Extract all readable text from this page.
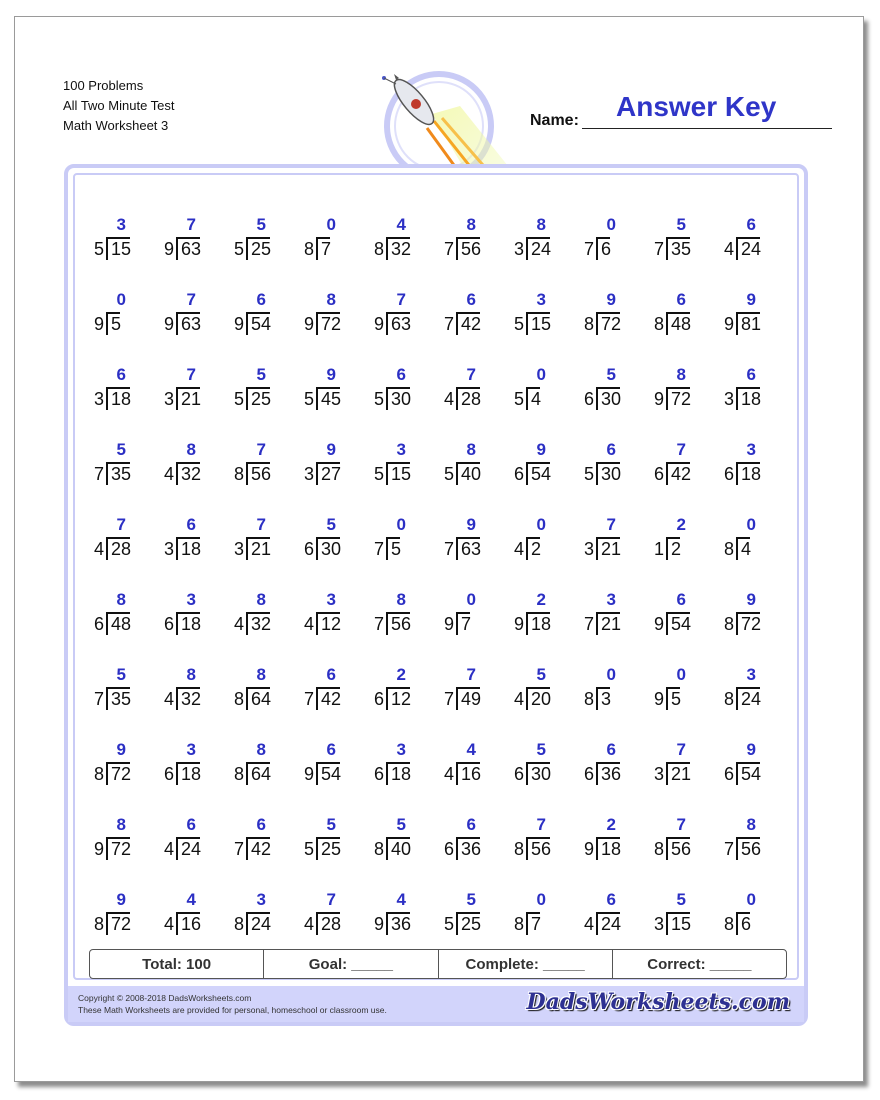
100 Problems
All Two Minute Test
Math Worksheet 3	Name: Answer Key
Copyright © 2008-2018 DadsWorksheets.com
These Math Worksheets are provided for personal, homeschool or classroom use.	DadsWorksheets.com
3
5 15
7
9 63
5
5 25
0
8 7
4
8 32
8
7 56
8
3 24
0
7 6
5
7 35
6
4 24
0
9 5
7
9 63
6
9 54
8
9 72
7
9 63
6
7 42
3
5 15
9
8 72
6
8 48
9
9 81
6
3 18
7
3 21
5
5 25
9
5 45
6
5 30
7
4 28
0
5 4
5
6 30
8
9 72
6
3 18
5
7 35
8
4 32
7
8 56
9
3 27
3
5 15
8
5 40
9
6 54
6
5 30
7
6 42
3
6 18
7
4 28
6
3 18
7
3 21
5
6 30
0
7 5
9
7 63
0
4 2
7
3 21
2
1 2
0
8 4
8
6 48
3
6 18
8
4 32
3
4 12
8
7 56
0
9 7
2
9 18
3
7 21
6
9 54
9
8 72
5
7 35
8
4 32
8
8 64
6
7 42
2
6 12
7
7 49
5
4 20
0
8 3
0
9 5
3
8 24
9
8 72
3
6 18
8
8 64
6
9 54
3
6 18
4
4 16
5
6 30
6
6 36
7
3 21
9
6 54
8
9 72
6
4 24
6
7 42
5
5 25
5
8 40
6
6 36
7
8 56
2
9 18
7
8 56
8
7 56
9
8 72
4
4 16
3
8 24
7
4 28
4
9 36
5
5 25
0
8 7
6
4 24
5
3 15
0
8 6
Total: 100	Goal: _____	Complete: _____	Correct: _____
